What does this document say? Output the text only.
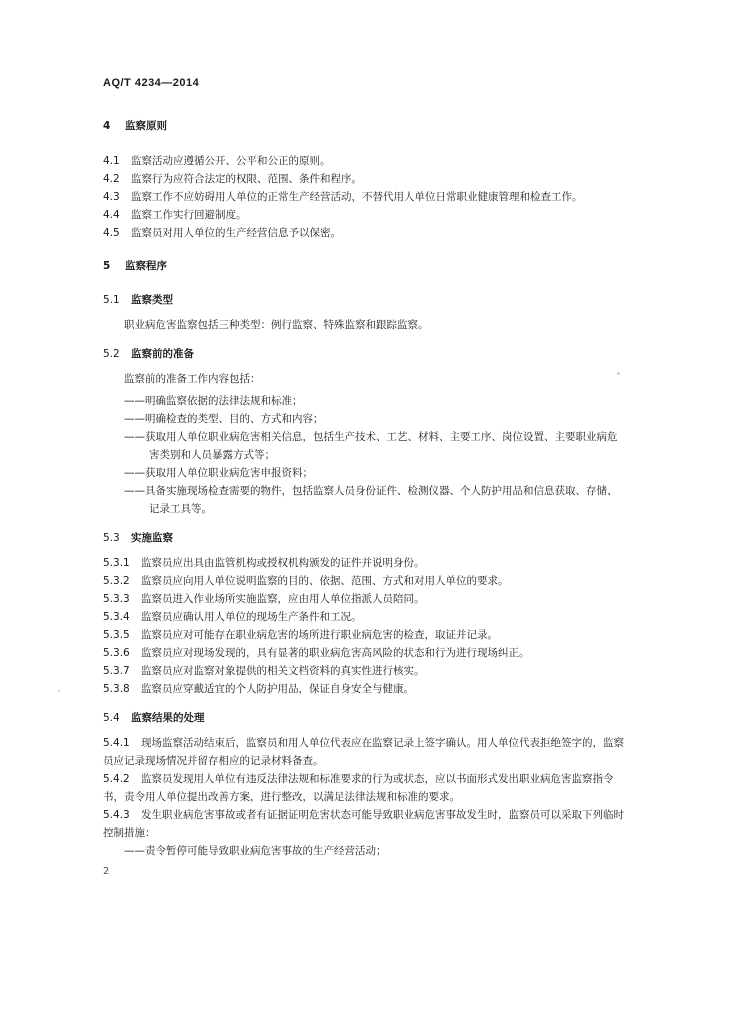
AQ/T 4234—2014
4 监察原则
4.1 监察活动应遵循公开、公平和公正的原则。
4.2 监察行为应符合法定的权限、范围、条件和程序。
4.3 监察工作不应妨碍用人单位的正常生产经营活动，不替代用人单位日常职业健康管理和检查工作。
4.4 监察工作实行回避制度。
4.5 监察员对用人单位的生产经营信息予以保密。
5 监察程序
5.1 监察类型
职业病危害监察包括三种类型：例行监察、特殊监察和跟踪监察。
5.2 监察前的准备
监察前的准备工作内容包括：
——明确监察依据的法律法规和标准；
——明确检查的类型、目的、方式和内容；
——获取用人单位职业病危害相关信息，包括生产技术、工艺、材料、主要工序、岗位设置、主要职业病危害类别和人员暴露方式等；
——获取用人单位职业病危害申报资料；
——具备实施现场检查需要的物件，包括监察人员身份证件、检测仪器、个人防护用品和信息获取、存储、记录工具等。
5.3 实施监察
5.3.1 监察员应出具由监管机构或授权机构颁发的证件并说明身份。
5.3.2 监察员应向用人单位说明监察的目的、依据、范围、方式和对用人单位的要求。
5.3.3 监察员进入作业场所实施监察，应由用人单位指派人员陪同。
5.3.4 监察员应确认用人单位的现场生产条件和工况。
5.3.5 监察员应对可能存在职业病危害的场所进行职业病危害的检查，取证并记录。
5.3.6 监察员应对现场发现的，具有显著的职业病危害高风险的状态和行为进行现场纠正。
5.3.7 监察员应对监察对象提供的相关文档资料的真实性进行核实。
5.3.8 监察员应穿戴适宜的个人防护用品，保证自身安全与健康。
5.4 监察结果的处理
5.4.1 现场监察活动结束后，监察员和用人单位代表应在监察记录上签字确认。用人单位代表拒绝签字的，监察员应记录现场情况并留存相应的记录材料备查。
5.4.2 监察员发现用人单位有违反法律法规和标准要求的行为或状态，应以书面形式发出职业病危害监察指令书，责令用人单位提出改善方案，进行整改，以满足法律法规和标准的要求。
5.4.3 发生职业病危害事故或者有证据证明危害状态可能导致职业病危害事故发生时，监察员可以采取下列临时控制措施：
——责令暂停可能导致职业病危害事故的生产经营活动；
2
